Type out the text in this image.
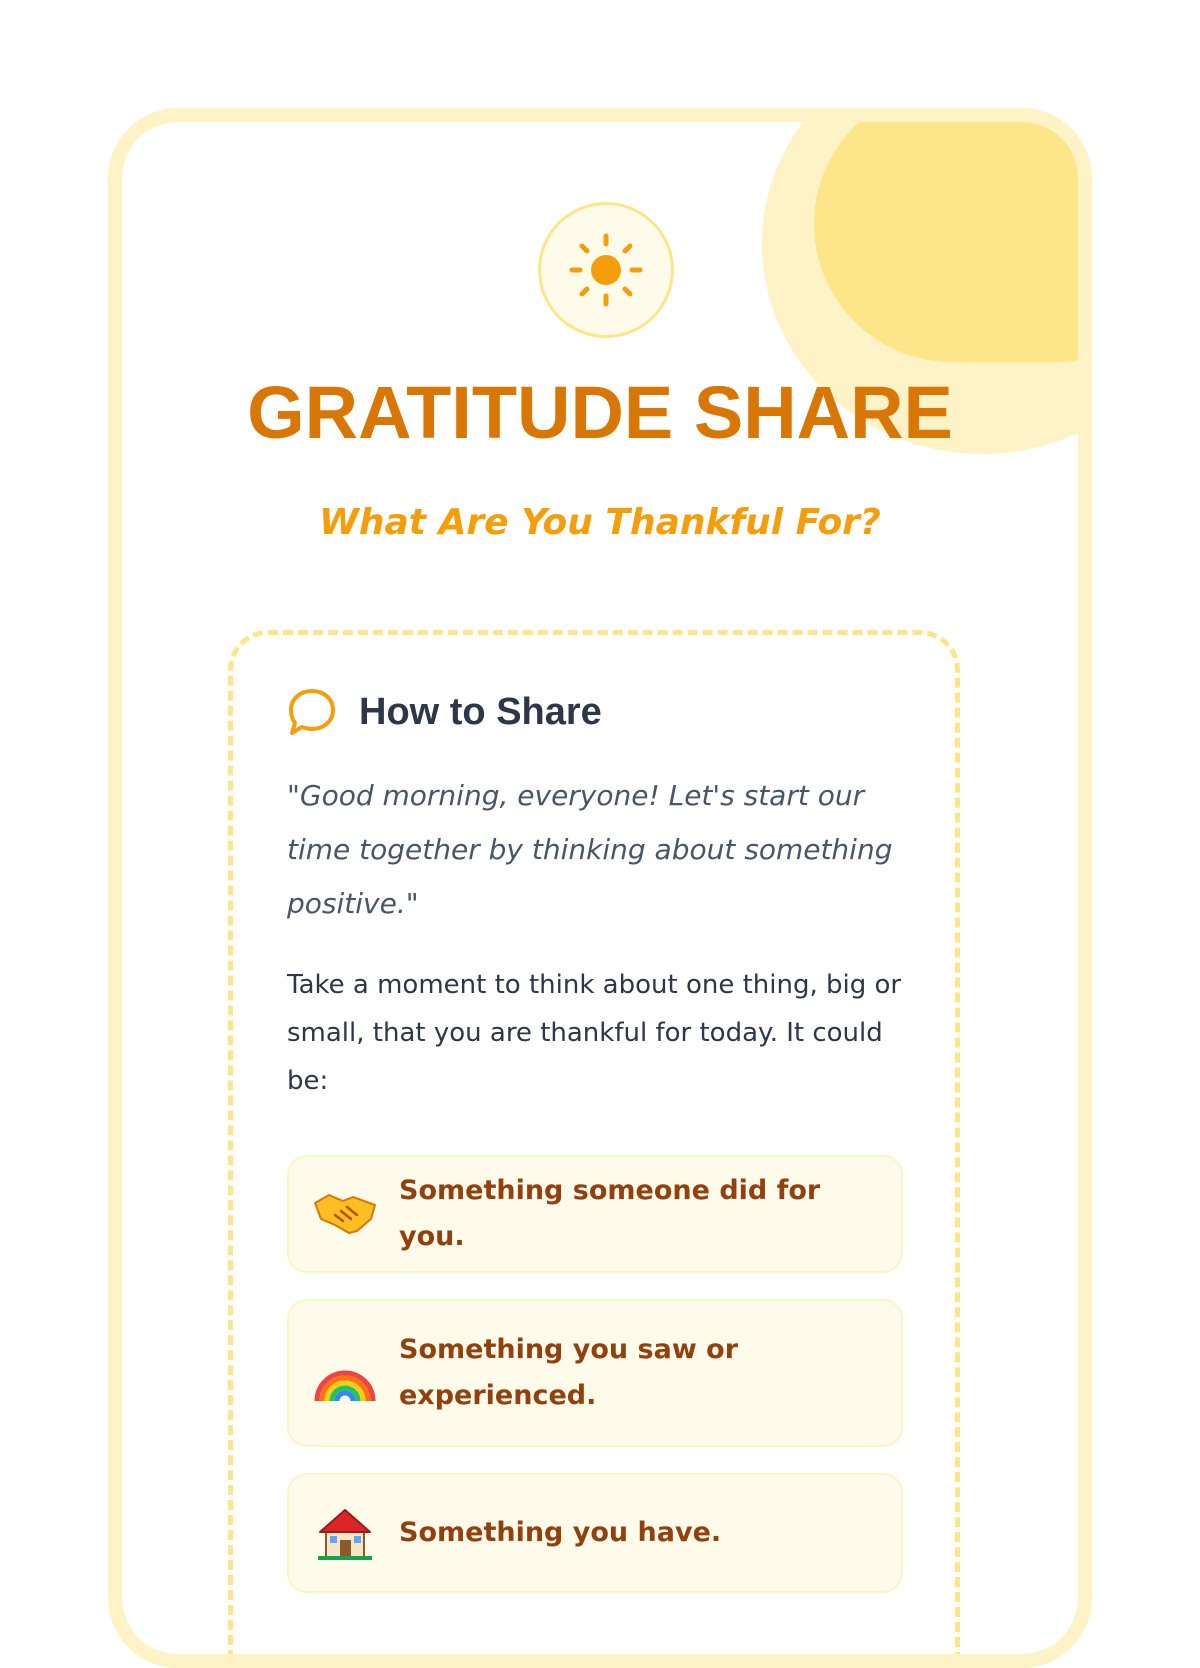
GRATITUDE SHARE
What Are You Thankful For?
How to Share

"Good morning, everyone! Let's start our time together by thinking about something positive."

Take a moment to think about one thing, big or small, that you are thankful for today. It could be:

Something someone did for you.
Something you saw or experienced.
Something you have.
